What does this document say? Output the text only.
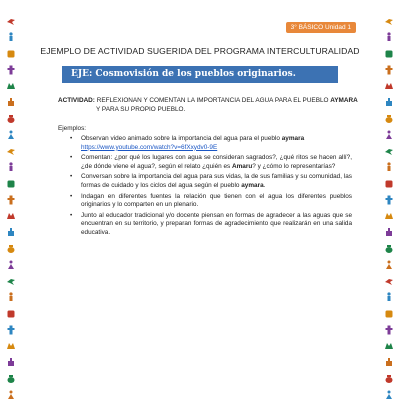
3° BÁSICO Unidad 1
EJEMPLO DE ACTIVIDAD SUGERIDA DEL PROGRAMA INTERCULTURALIDAD
EJE: Cosmovisión de los pueblos originarios.
ACTIVIDAD: REFLEXIONAN Y COMENTAN LA IMPORTANCIA DEL AGUA PARA EL PUEBLO AYMARA
Y PARA SU PROPIO PUEBLO.
Ejemplos:
• Observan video animado sobre la importancia del agua para el pueblo aymara
https://www.youtube.com/watch?v=6fXxydv0-9E
• Comentan: ¿por qué los lugares con agua se consideran sagrados?, ¿qué ritos se hacen allí?, ¿de dónde viene el agua?, según el relato ¿quién es Amaru? y ¿cómo lo representarías?
• Conversan sobre la importancia del agua para sus vidas, la de sus familias y su comunidad, las formas de cuidado y los ciclos del agua según el pueblo aymara.
• Indagan en diferentes fuentes la relación que tienen con el agua los diferentes pueblos originarios y lo comparten en un plenario.
• Junto al educador tradicional y/o docente piensan en formas de agradecer a las aguas que se encuentran en su territorio, y preparan formas de agradecimiento que realizarán en una salida educativa.
